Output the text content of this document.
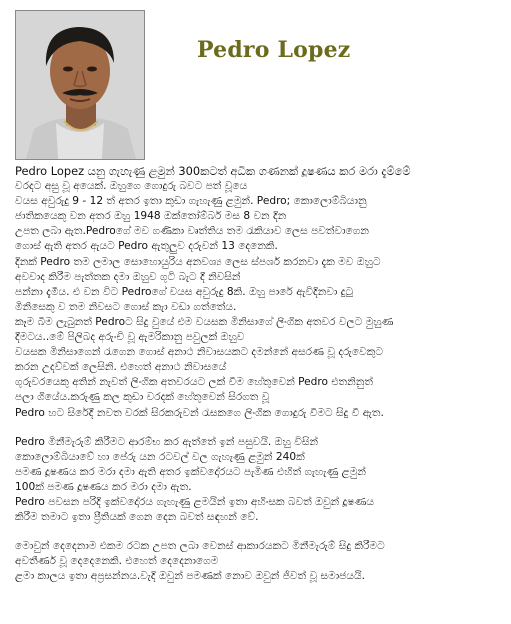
Pedro Lopez
Pedro Lopez යනු ගැහැණු ළමුන් 300කටත් අධික ගණනක් දූෂණය කර මරා දැම්මේ
වරදට අසු වූ අයෙක්. ඔහුගෙ ගොදුරු බවට පත් වූයෙ
වයස අවුරුදු 9 - 12 ත් අතර ඉතා කුඩා ගැහැණු ළමුන්. Pedro; කොලොම්බියානු
ජාතිකයෙකු වන අතර ඔහු 1948 ඔක්තෝම්බර් මස 8 වන දින
උපත ලබා ඇත.Pedroගේ මව ගණිකා වෘත්තිය තම රැකියාව ලෙස පවත්වාගෙන
ගොස් ඇති අතර ඇයට Pedro ඇතුලුව දරුවන් 13 දෙනෙකි.
දිනක් Pedro තම ලමාල සොහොයුරිය අනවශ්‍ය ලෙස ස්පර්ශ කරනවා දැක මව ඔහුට
අවවාද කිරීම පැත්තක දමා ඔහුව ගුටි බැට දී නිවසින්
පන්නා දැමීය. එ වන විට Pedroගේ වයස අවුරුදු 8කි. ඔහු පාරේ ඇවිදිනවා දුටු
මිනිසෙකු ව තම නිවසට ගොස් කැා වඩා ගත්තේය.
කෑම බීම ලැබුනත් Pedroට සිදු වුයේ එම වයසක මිනිසාගේ ලිංගික අතවර වලට මුහුණ
දීමටය..මේ පිලිබද අරුංචි වූ ඇමරිකානු පවුලක් ඔහුව
වයසක මිනිසාගෙන් රැගෙන ගොස් අනාථ නිවාසයකට දමන්නේ අසරණ වූ දරුවෙකුට
කරන උදව්වක් ලෙසිනි. එහෙත් අනාථ නිවාසයේ
ගුරුවරයෙකු අතින් නැවත් ලිංගික අතවරයට ලක් වීම හේතුවෙන් Pedro එතනිනුත්
පලා ගියේය.කරුණු කල කුඩා වරදක් හේතුවෙන් සිරගත වූ
Pedro හට සිරේදී නවත වරක් සිරකරුවන් රැසකගෙ ලිංගික ගොදුරු වීමට සිදු වී ඇත.
Pedro මිනීමැරුම් කිරීමට ආරම්භ කර ඇත්තේ ඉන් පසුවයි. ඔහු විසින්
කොලොම්බියාවේ හා පේරු යන රටවල් වල ගැහැණු ළමුන් 240ක්
පමණ දූෂණය කර මරා දමා ඇති අතර ඉක්වදෝරයට පැමිණ එහිත් ගැහැණු ළමුන්
100ක් පමණ දූෂණය කර මරා දමා ඇත.
Pedro පවසන පරිදි ඉක්වදෝරය ගැහැණු ළමයින් ඉතා අහිංසක බවත් ඔවුන් දූෂණය
කිරීම තමාට ඉතා ප්‍රීතියක් ගෙන දෙන බවත් සඳහන් වේ.
මොවුන් දෙදෙනාම එකම රටක උපත ලබා වෙනස් ආකාරයකට මිනීමැරුම් සිදු කිරීමට
අවතීර්ණ වූ දෙදෙනෙකි. එහෙත් දෙදෙනාගෙම
ළමා කාලය ඉතා අප්‍රසන්නය.වැදි ඔවුන් පමණක් නොව ඔවුන් ජිවත් වූ සමාජයයි.
